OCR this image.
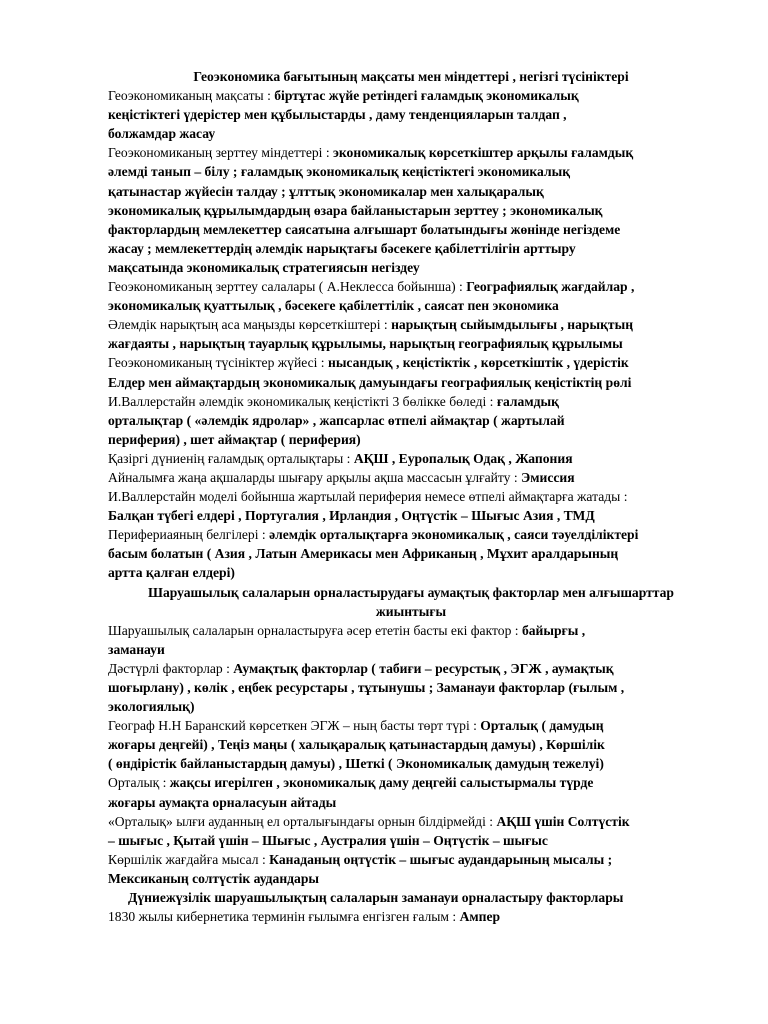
Геоэкономика бағытының мақсаты мен міндеттері , негізгі түсініктері
Геоэкономиканың мақсаты : біртұтас жүйе ретіндегі ғаламдық экономикалық
кеңістіктегі үдерістер мен құбылыстарды , даму тенденцияларын талдап ,
болжамдар жасау
Геоэкономиканың зерттеу міндеттері : экономикалық көрсеткіштер арқылы ғаламдық
әлемді танып – білу ; ғаламдық экономикалық кеңістіктегі экономикалық
қатынастар жүйесін талдау ; ұлттық экономикалар мен халықаралық
экономикалық құрылымдардың өзара байланыстарын зерттеу ; экономикалық
факторлардың мемлекеттер саясатына алғышарт болатындығы жөнінде негіздеме
жасау ; мемлекеттердің әлемдік нарықтағы бәсекеге қабілеттілігін арттыру
мақсатында экономикалық стратегиясын негіздеу
Геоэкономиканың зерттеу салалары ( А.Неклесса бойынша) : Географиялық жағдайлар ,
экономикалық қуаттылық , бәсекеге қабілеттілік , саясат пен экономика
Әлемдік нарықтың аса маңызды көрсеткіштері : нарықтың сыйымдылығы , нарықтың
жағдаяты , нарықтың тауарлық құрылымы, нарықтың географиялық құрылымы
Геоэкономиканың түсініктер жүйесі : нысандық , кеңістіктік , көрсеткіштік , үдерістік
Елдер мен аймақтардың экономикалық дамуындағы географиялық кеңістіктің рөлі
И.Валлерстайн әлемдік экономикалық кеңістікті 3 бөлікке бөледі : ғаламдық
орталықтар ( «әлемдік ядролар» , жапсарлас өтпелі аймақтар ( жартылай
периферия) , шет аймақтар ( периферия)
Қазіргі дүниенің ғаламдық орталықтары : АҚШ , Еуропалық Одақ , Жапония
Айналымға жаңа ақшаларды шығару арқылы ақша массасын ұлғайту : Эмиссия
И.Валлерстайн моделі бойынша жартылай периферия немесе өтпелі аймақтарға жатады :
Балқан түбегі елдері , Португалия , Ирландия , Оңтүстік – Шығыс Азия , ТМД
Перифериаяның белгілері : әлемдік орталықтарға экономикалық , саяси тәуелділіктері
басым болатын ( Азия , Латын Америкасы мен Африканың , Мұхит аралдарының
артта қалған елдері)
Шаруашылық салаларын орналастырудағы аумақтық факторлар мен алғышарттар
жиынтығы
Шаруашылық салаларын орналастыруға әсер ететін басты екі фактор : байырғы ,
заманауи
Дәстүрлі факторлар : Аумақтық факторлар ( табиғи – ресурстық , ЭГЖ , аумақтық
шоғырлану) , көлік , еңбек ресурстары , тұтынушы ; Заманауи факторлар (ғылым ,
экологиялық)
Географ Н.Н Баранский көрсеткен ЭГЖ – ның басты төрт түрі : Орталық ( дамудың
жоғары деңгейі) , Теңіз маңы ( халықаралық қатынастардың дамуы) , Көршілік
( өндірістік байланыстардың дамуы) , Шеткі ( Экономикалық дамудың тежелуі)
Орталық : жақсы игерілген , экономикалық даму деңгейі салыстырмалы түрде
жоғары аумақта орналасуын айтады
«Орталық» ылғи ауданның ел орталығындағы орнын білдірмейді : АҚШ үшін Солтүстік
– шығыс , Қытай үшін – Шығыс , Аустралия үшін – Оңтүстік – шығыс
Көршілік жағдайға мысал : Канаданың оңтүстік – шығыс аудандарының мысалы ;
Мексиканың солтүстік аудандары
Дүниежүзілік шаруашылықтың салаларын заманауи орналастыру факторлары
1830 жылы кибернетика терминін ғылымға енгізген ғалым : Ампер
